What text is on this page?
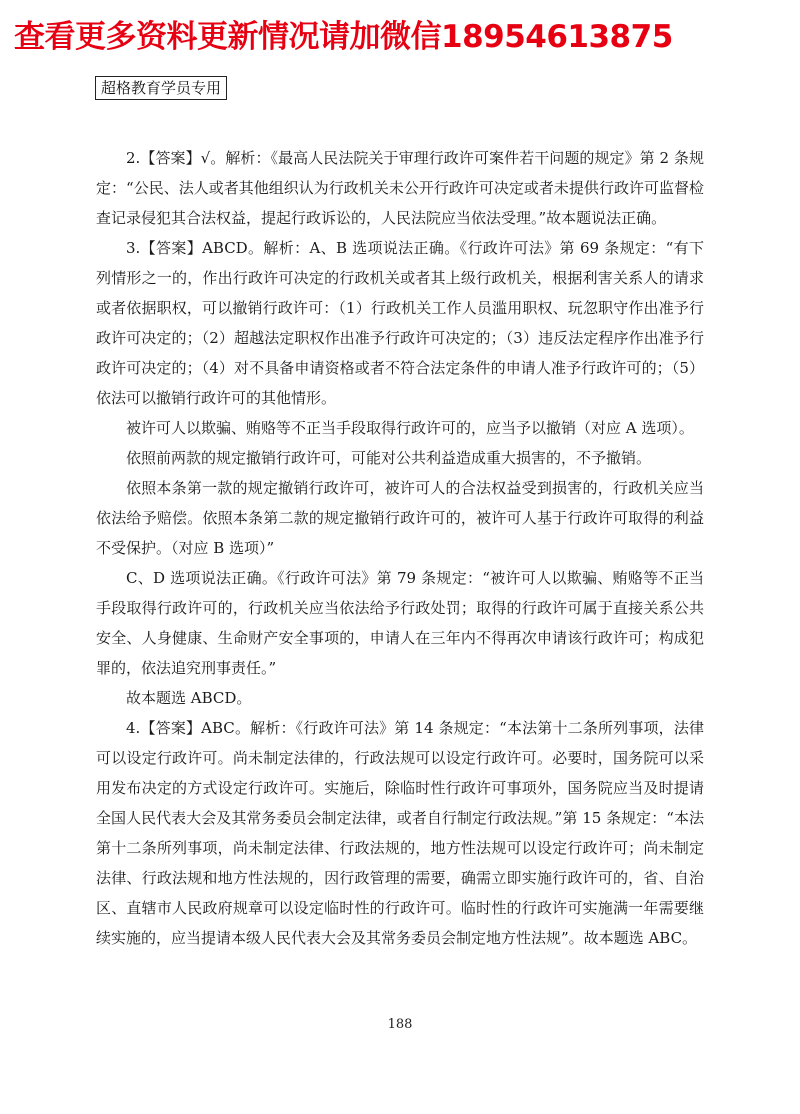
查看更多资料更新情况请加微信18954613875
超格教育学员专用

2.【答案】√。解析：《最高人民法院关于审理行政许可案件若干问题的规定》第 2 条规定：“公民、法人或者其他组织认为行政机关未公开行政许可决定或者未提供行政许可监督检查记录侵犯其合法权益，提起行政诉讼的，人民法院应当依法受理。”故本题说法正确。

3.【答案】ABCD。解析：A、B 选项说法正确。《行政许可法》第 69 条规定：“有下列情形之一的，作出行政许可决定的行政机关或者其上级行政机关，根据利害关系人的请求或者依据职权，可以撤销行政许可：（1）行政机关工作人员滥用职权、玩忽职守作出准予行政许可决定的；（2）超越法定职权作出准予行政许可决定的；（3）违反法定程序作出准予行政许可决定的；（4）对不具备申请资格或者不符合法定条件的申请人准予行政许可的；（5）依法可以撤销行政许可的其他情形。

被许可人以欺骗、贿赂等不正当手段取得行政许可的，应当予以撤销（对应 A 选项）。

依照前两款的规定撤销行政许可，可能对公共利益造成重大损害的，不予撤销。

依照本条第一款的规定撤销行政许可，被许可人的合法权益受到损害的，行政机关应当依法给予赔偿。依照本条第二款的规定撤销行政许可的，被许可人基于行政许可取得的利益不受保护。（对应 B 选项）”

C、D 选项说法正确。《行政许可法》第 79 条规定：“被许可人以欺骗、贿赂等不正当手段取得行政许可的，行政机关应当依法给予行政处罚；取得的行政许可属于直接关系公共安全、人身健康、生命财产安全事项的，申请人在三年内不得再次申请该行政许可；构成犯罪的，依法追究刑事责任。”

故本题选 ABCD。

4.【答案】ABC。解析：《行政许可法》第 14 条规定：“本法第十二条所列事项，法律可以设定行政许可。尚未制定法律的，行政法规可以设定行政许可。必要时，国务院可以采用发布决定的方式设定行政许可。实施后，除临时性行政许可事项外，国务院应当及时提请全国人民代表大会及其常务委员会制定法律，或者自行制定行政法规。”第 15 条规定：“本法第十二条所列事项，尚未制定法律、行政法规的，地方性法规可以设定行政许可；尚未制定法律、行政法规和地方性法规的，因行政管理的需要，确需立即实施行政许可的，省、自治区、直辖市人民政府规章可以设定临时性的行政许可。临时性的行政许可实施满一年需要继续实施的，应当提请本级人民代表大会及其常务委员会制定地方性法规”。故本题选 ABC。

188
